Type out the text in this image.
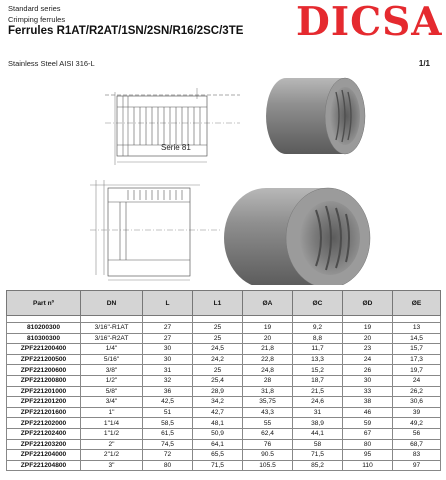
Standard series
Crimping ferrules
Ferrules R1AT/R2AT/1SN/2SN/R16/2SC/3TE
Stainless Steel AISI 316-L	1/1
DICSA
Serie 81
Part nº	DN	L	L1	ØA	ØC	ØD	ØE

810200300	3/16"-R1AT	27	25	19	9,2	19	13
810300300	3/16"-R2AT	27	25	20	8,8	20	14,5
ZPF221200400	1/4"	30	24,5	21,8	11,7	23	15,7
ZPF221200500	5/16"	30	24,2	22,8	13,3	24	17,3
ZPF221200600	3/8"	31	25	24,8	15,2	26	19,7
ZPF221200800	1/2"	32	25,4	28	18,7	30	24
ZPF221201000	5/8"	36	28,9	31,8	21,5	33	26,2
ZPF221201200	3/4"	42,5	34,2	35,75	24,6	38	30,6
ZPF221201600	1"	51	42,7	43,3	31	46	39
ZPF221202000	1"1/4	58,5	48,1	55	38,9	59	49,2
ZPF221202400	1"1/2	61,5	50,9	62,4	44,1	67	56
ZPF221203200	2"	74,5	64,1	76	58	80	68,7
ZPF221204000	2"1/2	72	65,5	90.5	71,5	95	83
ZPF221204800	3"	80	71,5	105.5	85,2	110	97
